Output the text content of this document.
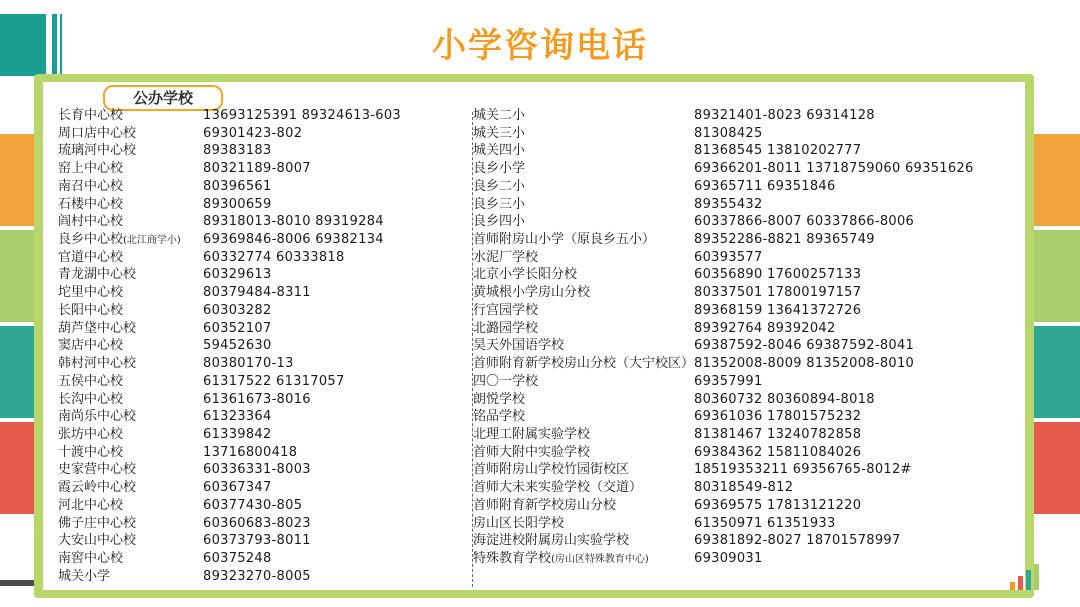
小学咨询电话
公办学校
长育中心校	13693125391 89324613-603
周口店中心校	69301423-802
琉璃河中心校	89383183
窑上中心校	80321189-8007
南召中心校	80396561
石楼中心校	89300659
阎村中心校	89318013-8010 89319284
良乡中心校(北江商学小) 69369846-8006 69382134
官道中心校	60332774 60333818
青龙湖中心校	60329613
坨里中心校	80379484-8311
长阳中心校	60303282
葫芦垡中心校	60352107
窦店中心校	59452630
韩村河中心校	80380170-13
五侯中心校	61317522 61317057
长沟中心校	61361673-8016
南尚乐中心校	61323364
张坊中心校	61339842
十渡中心校	13716800418
史家营中心校	60336331-8003
霞云岭中心校	60367347
河北中心校	60377430-805
佛子庄中心校	60360683-8023
大安山中心校	60373793-8011
南窖中心校	60375248
城关小学	89323270-8005
城关二小	89321401-8023 69314128
城关三小	81308425
城关四小	81368545 13810202777
良乡小学	69366201-8011 13718759060 69351626
良乡二小	69365711 69351846
良乡三小	89355432
良乡四小	60337866-8007 60337866-8006
首师附房山小学（原良乡五小）	89352286-8821 89365749
水泥厂学校	60393577
北京小学长阳分校	60356890 17600257133
黄城根小学房山分校	80337501 17800197157
行宫园学校	89368159 13641372726
北潞园学校	89392764 89392042
昊天外国语学校	69387592-8046 69387592-8041
首师附育新学校房山分校（大宁校区） 81352008-8009 81352008-8010
四〇一学校	69357991
朗悦学校	80360732 80360894-8018
铭品学校	69361036 17801575232
北理工附属实验学校	81381467 13240782858
首师大附中实验学校	69384362 15811084026
首师附房山学校竹园街校区	18519353211 69356765-8012#
首师大未来实验学校（交道）	80318549-812
首师附育新学校房山分校	69369575 17813121220
房山区长阳学校	61350971 61351933
海淀进校附属房山实验学校	69381892-8027 18701578997
特殊教育学校(房山区特殊教育中心)	69309031
